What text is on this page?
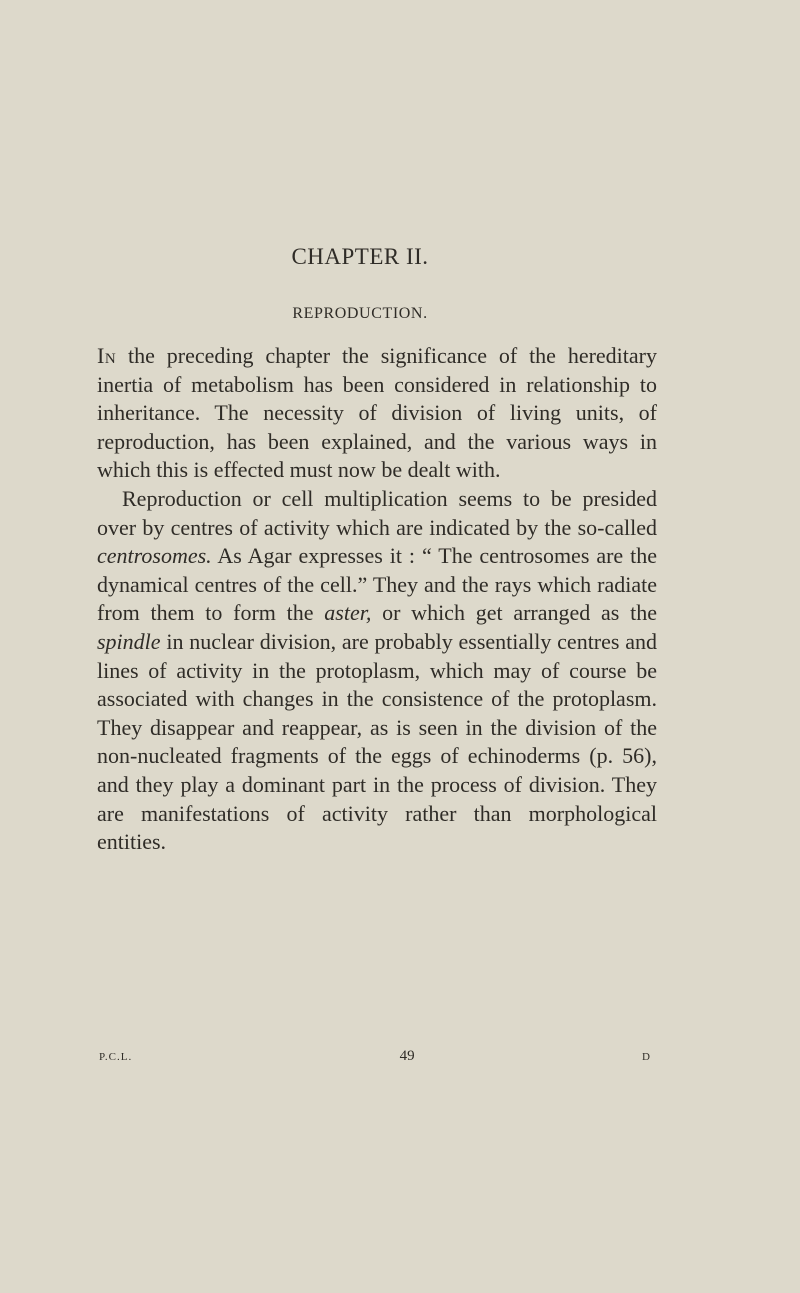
CHAPTER II.
REPRODUCTION.

In the preceding chapter the significance of the hereditary inertia of metabolism has been considered in relationship to inheritance. The necessity of division of living units, of reproduction, has been explained, and the various ways in which this is effected must now be dealt with.

Reproduction or cell multiplication seems to be presided over by centres of activity which are indicated by the so-called centrosomes. As Agar expresses it : “ The centrosomes are the dynamical centres of the cell.” They and the rays which radiate from them to form the aster, or which get arranged as the spindle in nuclear division, are probably essentially centres and lines of activity in the protoplasm, which may of course be associated with changes in the consistence of the protoplasm. They disappear and reappear, as is seen in the division of the non-nucleated fragments of the eggs of echinoderms (p. 56), and they play a dominant part in the process of division. They are manifestations of activity rather than morphological entities.

P.C.L.	49	D
